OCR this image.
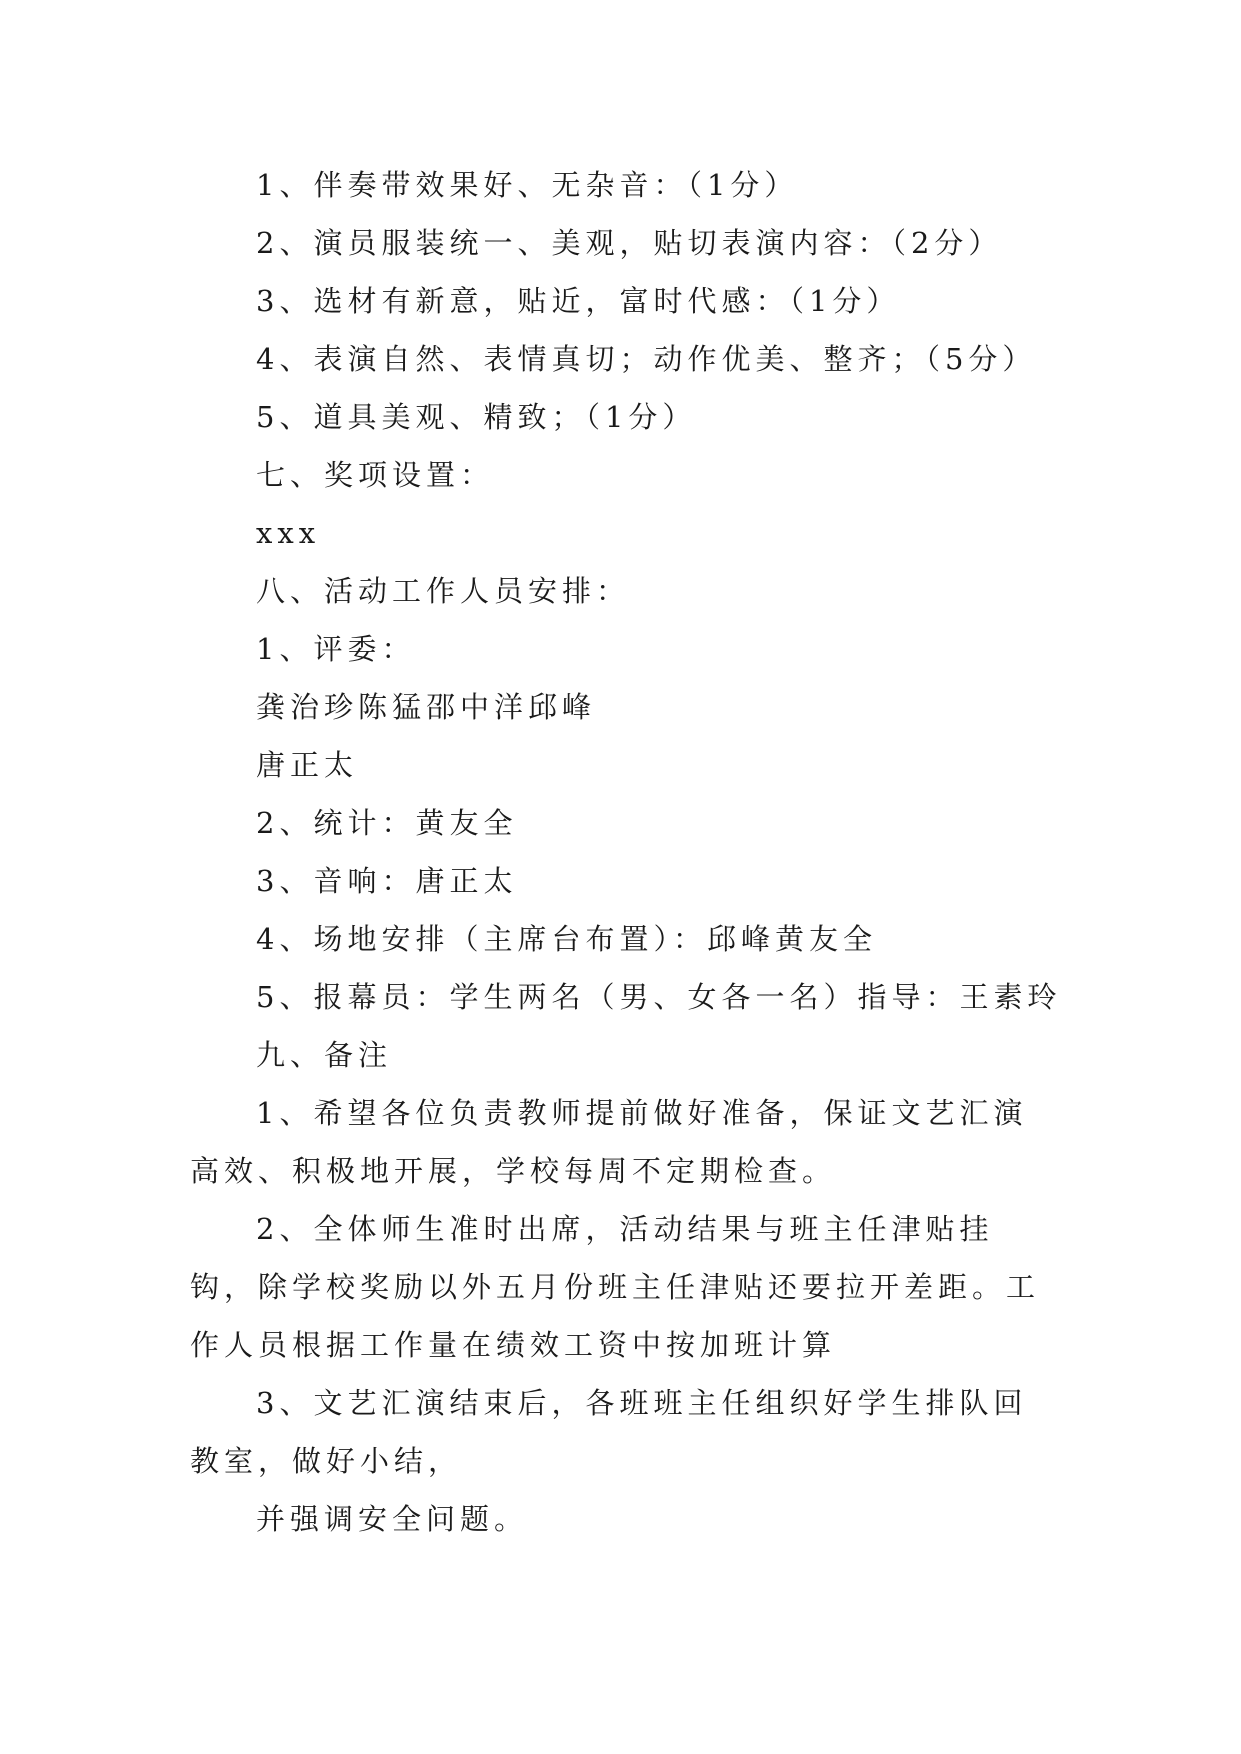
1、伴奏带效果好、无杂音：（1分）
2、演员服装统一、美观，贴切表演内容：（2分）
3、选材有新意，贴近，富时代感：（1分）
4、表演自然、表情真切；动作优美、整齐；（5分）
5、道具美观、精致；（1分）
七、奖项设置：
xxx
八、活动工作人员安排：
1、评委：
龚治珍陈猛邵中洋邱峰
唐正太
2、统计：黄友全
3、音响：唐正太
4、场地安排（主席台布置）：邱峰黄友全
5、报幕员：学生两名（男、女各一名）指导：王素玲
九、备注
1、希望各位负责教师提前做好准备，保证文艺汇演高效、积极地开展，学校每周不定期检查。
2、全体师生准时出席，活动结果与班主任津贴挂钩，除学校奖励以外五月份班主任津贴还要拉开差距。工作人员根据工作量在绩效工资中按加班计算
3、文艺汇演结束后，各班班主任组织好学生排队回教室，做好小结，
并强调安全问题。
